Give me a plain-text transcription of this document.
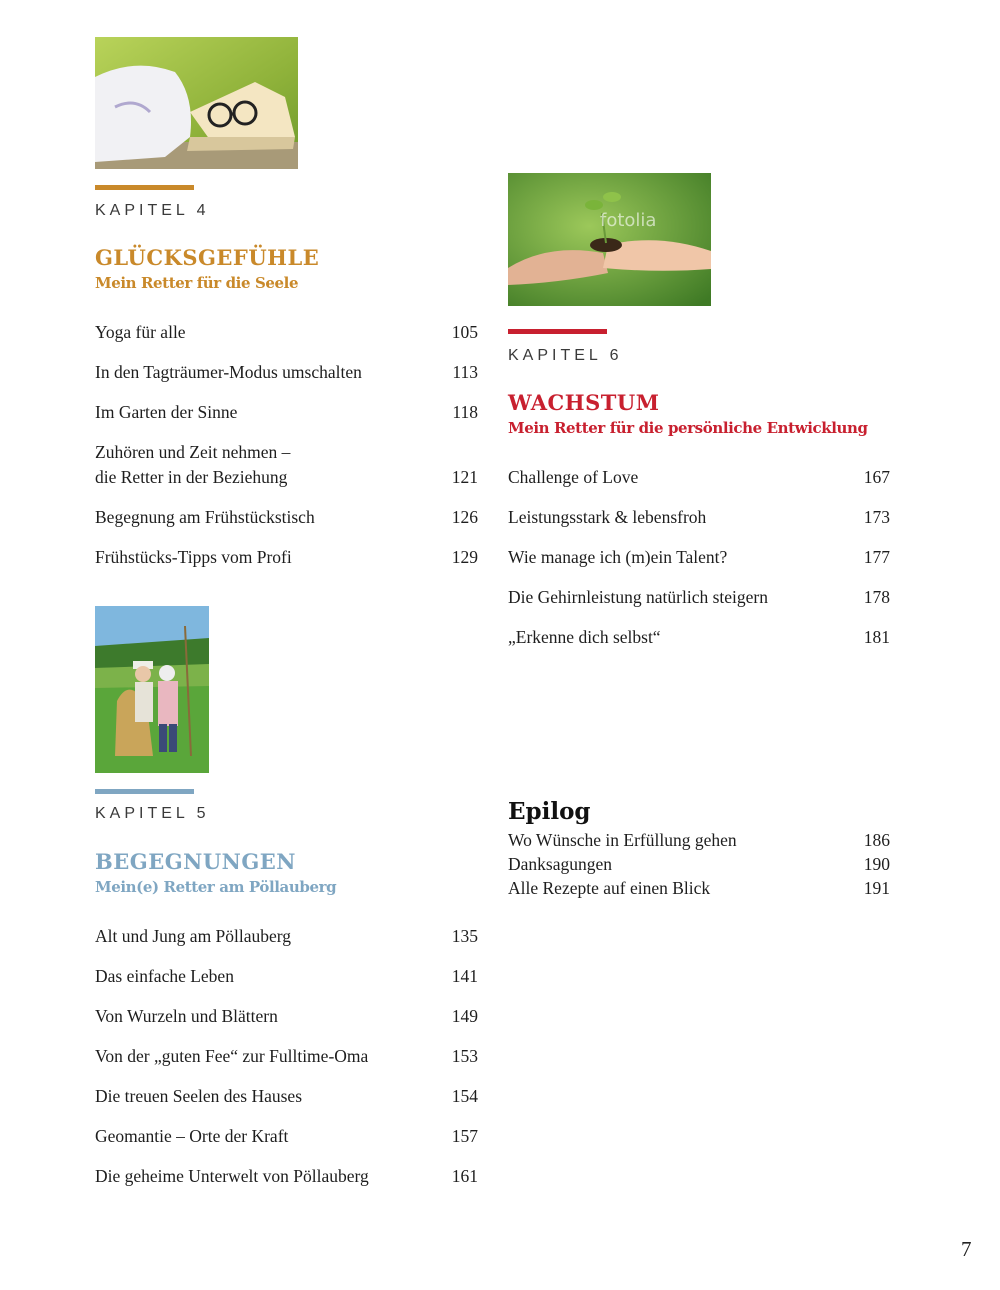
KAPITEL 4
GLÜCKSGEFÜHLE
Mein Retter für die Seele
Yoga für alle	105
In den Tagträumer-Modus umschalten	113
Im Garten der Sinne	118
Zuhören und Zeit nehmen –
die Retter in der Beziehung	121
Begegnung am Frühstückstisch	126
Frühstücks-Tipps vom Profi	129
KAPITEL 5
BEGEGNUNGEN
Mein(e) Retter am Pöllauberg
Alt und Jung am Pöllauberg	135
Das einfache Leben	141
Von Wurzeln und Blättern	149
Von der „guten Fee“ zur Fulltime-Oma	153
Die treuen Seelen des Hauses	154
Geomantie – Orte der Kraft	157
Die geheime Unterwelt von Pöllauberg	161
fotolia
KAPITEL 6
WACHSTUM
Mein Retter für die persönliche Entwicklung
Challenge of Love	167
Leistungsstark & lebensfroh	173
Wie manage ich (m)ein Talent?	177
Die Gehirnleistung natürlich steigern	178
„Erkenne dich selbst“	181
Epilog
Wo Wünsche in Erfüllung gehen	186
Danksagungen	190
Alle Rezepte auf einen Blick	191
7
